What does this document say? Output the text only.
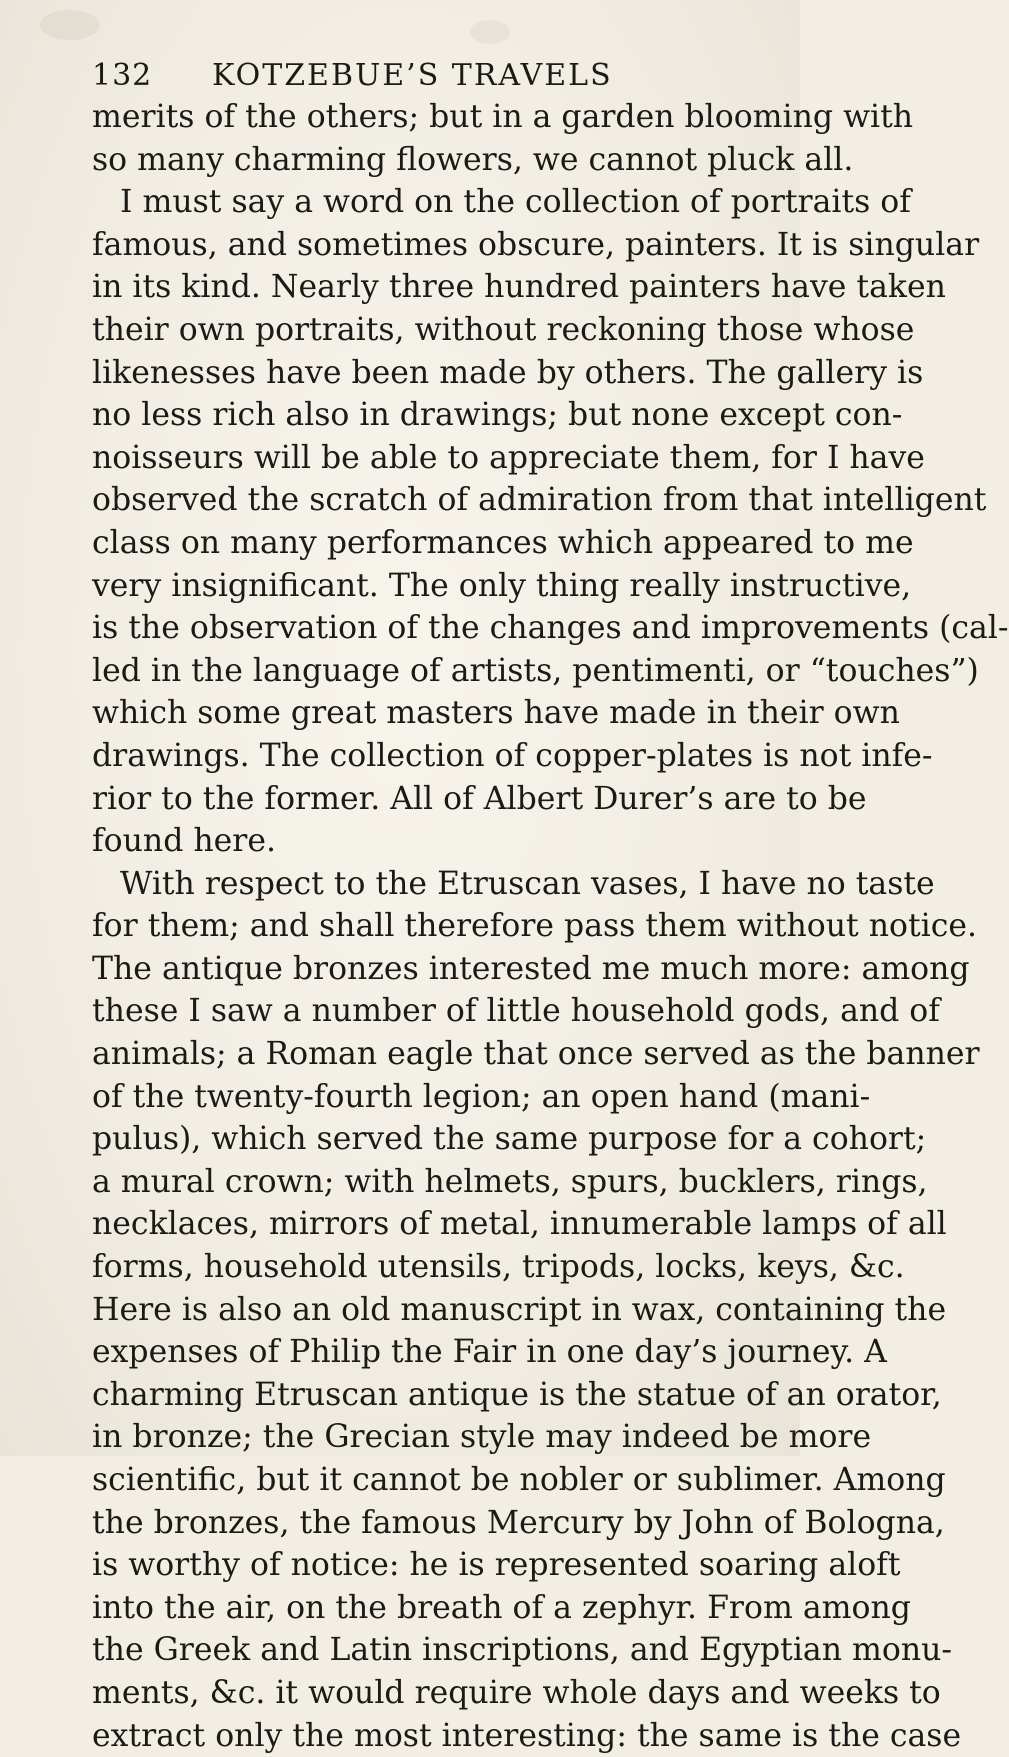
132 KOTZEBUE’S TRAVELS
merits of the others; but in a garden blooming with
so many charming flowers, we cannot pluck all.
I must say a word on the collection of portraits of
famous, and sometimes obscure, painters. It is singular
in its kind. Nearly three hundred painters have taken
their own portraits, without reckoning those whose
likenesses have been made by others. The gallery is
no less rich also in drawings; but none except con-
noisseurs will be able to appreciate them, for I have
observed the scratch of admiration from that intelligent
class on many performances which appeared to me
very insignificant. The only thing really instructive,
is the observation of the changes and improvements (cal-
led in the language of artists, pentimenti, or “touches”)
which some great masters have made in their own
drawings. The collection of copper-plates is not infe-
rior to the former. All of Albert Durer’s are to be
found here.
With respect to the Etruscan vases, I have no taste
for them; and shall therefore pass them without notice.
The antique bronzes interested me much more: among
these I saw a number of little household gods, and of
animals; a Roman eagle that once served as the banner
of the twenty-fourth legion; an open hand (mani-
pulus), which served the same purpose for a cohort;
a mural crown; with helmets, spurs, bucklers, rings,
necklaces, mirrors of metal, innumerable lamps of all
forms, household utensils, tripods, locks, keys, &c.
Here is also an old manuscript in wax, containing the
expenses of Philip the Fair in one day’s journey. A
charming Etruscan antique is the statue of an orator,
in bronze; the Grecian style may indeed be more
scientific, but it cannot be nobler or sublimer. Among
the bronzes, the famous Mercury by John of Bologna,
is worthy of notice: he is represented soaring aloft
into the air, on the breath of a zephyr. From among
the Greek and Latin inscriptions, and Egyptian monu-
ments, &c. it would require whole days and weeks to
extract only the most interesting: the same is the case
